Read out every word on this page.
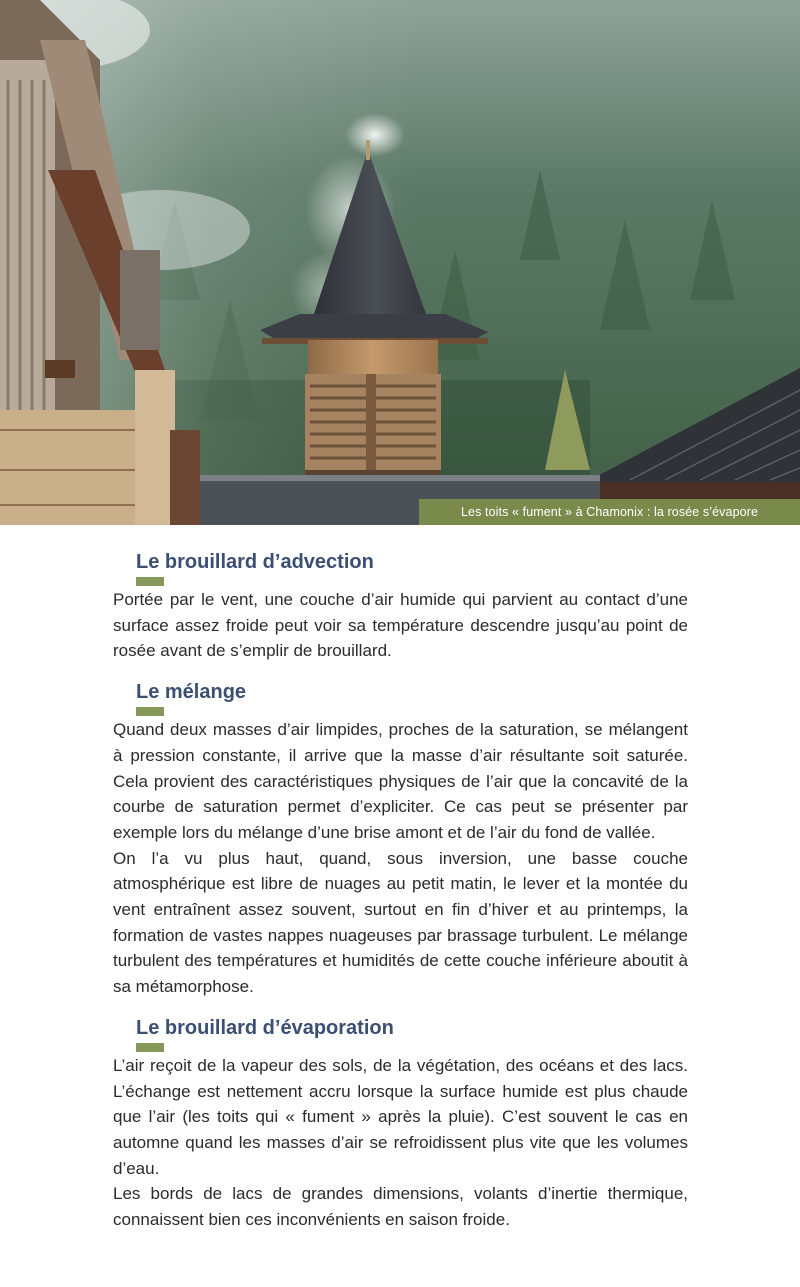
Les toits « fument » à Chamonix : la rosée s’évapore
Le brouillard d’advection

Portée par le vent, une couche d’air humide qui parvient au contact d’une surface assez froide peut voir sa température descendre jusqu’au point de rosée avant de s’emplir de brouillard.

Le mélange

Quand deux masses d’air limpides, proches de la saturation, se mélangent à pression constante, il arrive que la masse d’air résultante soit saturée. Cela provient des caractéristiques physiques de l’air que la concavité de la courbe de saturation permet d’expliciter. Ce cas peut se présenter par exemple lors du mélange d’une brise amont et de l’air du fond de vallée.

On l’a vu plus haut, quand, sous inversion, une basse couche atmosphérique est libre de nuages au petit matin, le lever et la montée du vent entraînent assez souvent, surtout en fin d’hiver et au printemps, la formation de vastes nappes nuageuses par brassage turbulent. Le mélange turbulent des températures et humidités de cette couche inférieure aboutit à sa métamorphose.

Le brouillard d’évaporation

L’air reçoit de la vapeur des sols, de la végétation, des océans et des lacs. L’échange est nettement accru lorsque la surface humide est plus chaude que l’air (les toits qui « fument » après la pluie). C’est souvent le cas en automne quand les masses d’air se refroidissent plus vite que les volumes d’eau.

Les bords de lacs de grandes dimensions, volants d’inertie thermique, connaissent bien ces inconvénients en saison froide.
